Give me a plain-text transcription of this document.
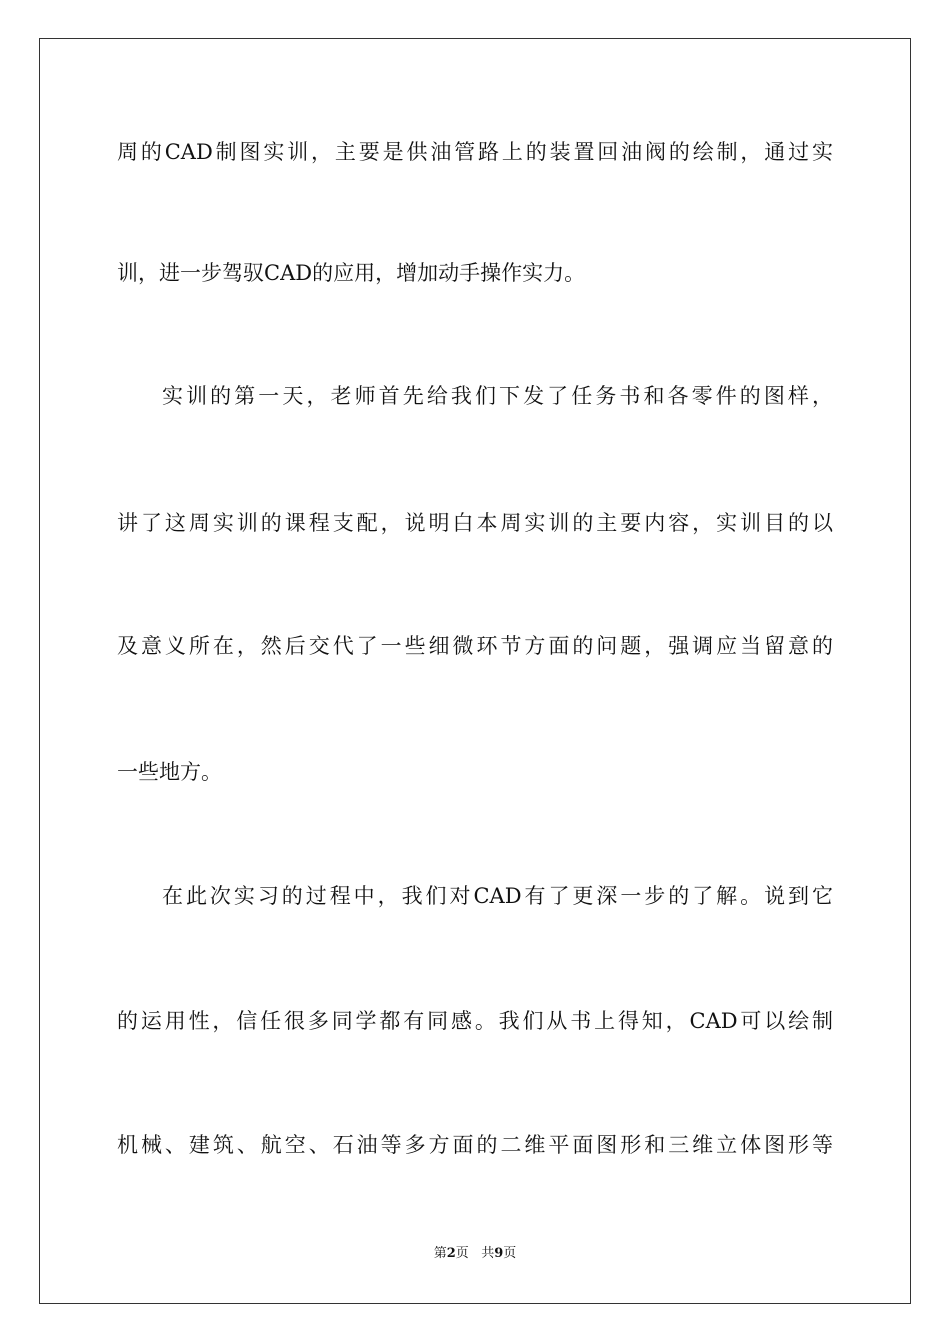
周的CAD制图实训，主要是供油管路上的装置回油阀的绘制，通过实
训，进一步驾驭CAD的应用，增加动手操作实力。
实训的第一天，老师首先给我们下发了任务书和各零件的图样，
讲了这周实训的课程支配，说明白本周实训的主要内容，实训目的以
及意义所在，然后交代了一些细微环节方面的问题，强调应当留意的
一些地方。
在此次实习的过程中，我们对CAD有了更深一步的了解。说到它
的运用性，信任很多同学都有同感。我们从书上得知，CAD可以绘制
机械、建筑、航空、石油等多方面的二维平面图形和三维立体图形等
第2页 共9页
